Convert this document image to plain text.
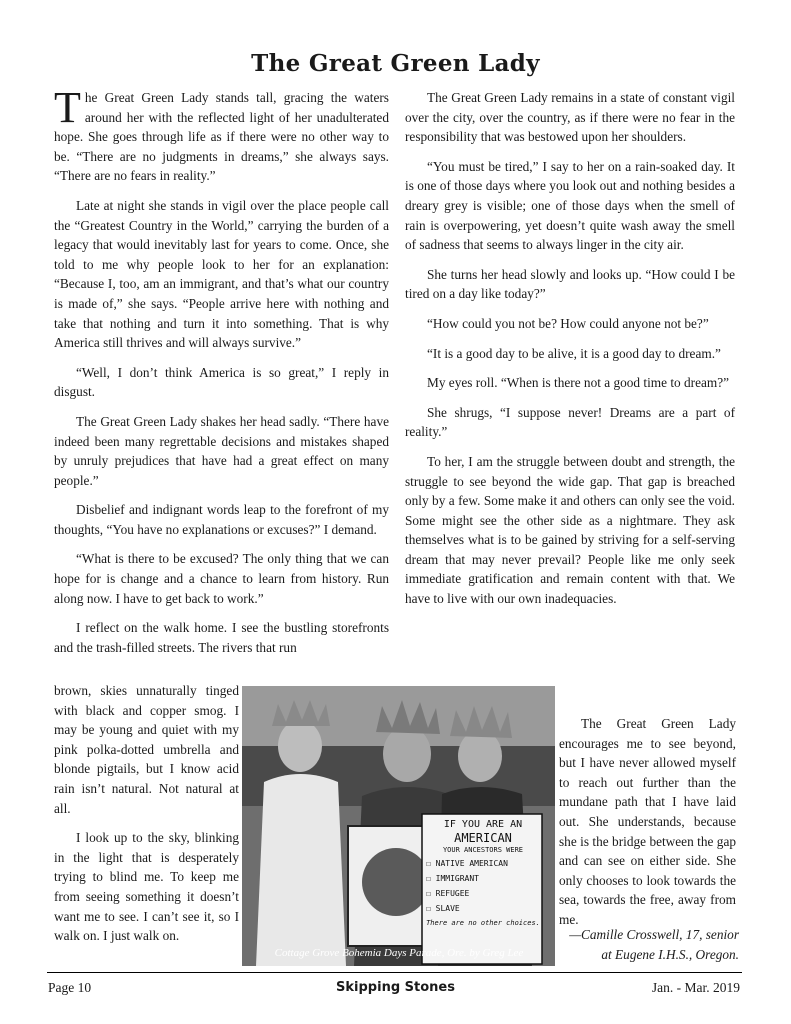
The Great Green Lady

The Great Green Lady stands tall, gracing the waters around her with the reflected light of her unadulterated hope. She goes through life as if there were no other way to be. “There are no judgments in dreams,” she always says. “There are no fears in reality.”

Late at night she stands in vigil over the place people call the “Greatest Country in the World,” carrying the burden of a legacy that would inevitably last for years to come. Once, she told to me why people look to her for an explanation: “Because I, too, am an immigrant, and that’s what our country is made of,” she says. “People arrive here with nothing and take that nothing and turn it into something. That is why America still thrives and will always survive.”

“Well, I don’t think America is so great,” I reply in disgust.

The Great Green Lady shakes her head sadly. “There have indeed been many regrettable decisions and mistakes shaped by unruly prejudices that have had a great effect on many people.”

Disbelief and indignant words leap to the forefront of my thoughts, “You have no explanations or excuses?” I demand.

“What is there to be excused? The only thing that we can hope for is change and a chance to learn from history. Run along now. I have to get back to work.”

I reflect on the walk home. I see the bustling storefronts and the trash-filled streets. The rivers that run

brown, skies unnaturally tinged with black and copper smog. I may be young and quiet with my pink polka-dotted umbrella and blonde pigtails, but I know acid rain isn’t natural. Not natural at all.

I look up to the sky, blinking in the light that is desperately trying to blind me. To keep me from seeing something it doesn’t want me to see. I can’t see it, so I walk on. I just walk on.

The Great Green Lady remains in a state of constant vigil over the city, over the country, as if there were no fear in the responsibility that was bestowed upon her shoulders.

“You must be tired,” I say to her on a rain-soaked day. It is one of those days where you look out and nothing besides a dreary grey is visible; one of those days when the smell of rain is overpowering, yet doesn’t quite wash away the smell of sadness that seems to always linger in the city air.

She turns her head slowly and looks up. “How could I be tired on a day like today?”

“How could you not be? How could anyone not be?”

“It is a good day to be alive, it is a good day to dream.”

My eyes roll. “When is there not a good time to dream?”

She shrugs, “I suppose never! Dreams are a part of reality.”

To her, I am the struggle between doubt and strength, the struggle to see beyond the wide gap. That gap is breached only by a few. Some make it and others can only see the void. Some might see the other side as a nightmare. They ask themselves what is to be gained by striving for a self-serving dream that may never prevail? People like me only seek immediate gratification and remain content with that. We have to live with our own inadequacies.

The Great Green Lady encourages me to see beyond, but I have never allowed myself to reach out further than the mundane path that I have laid out. She understands, because she is the bridge between the gap and can see on either side. She only chooses to look towards the sea, towards the free, away from me.

—Camille Crosswell, 17, senior
at Eugene I.H.S., Oregon.
IF YOU ARE AN
AMERICAN
YOUR ANCESTORS WERE
☐ NATIVE AMERICAN
☐ IMMIGRANT
☐ REFUGEE
☐ SLAVE
There are no other choices.
Cottage Grove Bohemia Days Parade, Ore. by Greg Lee
Page 10	Skipping Stones	Jan. - Mar. 2019
